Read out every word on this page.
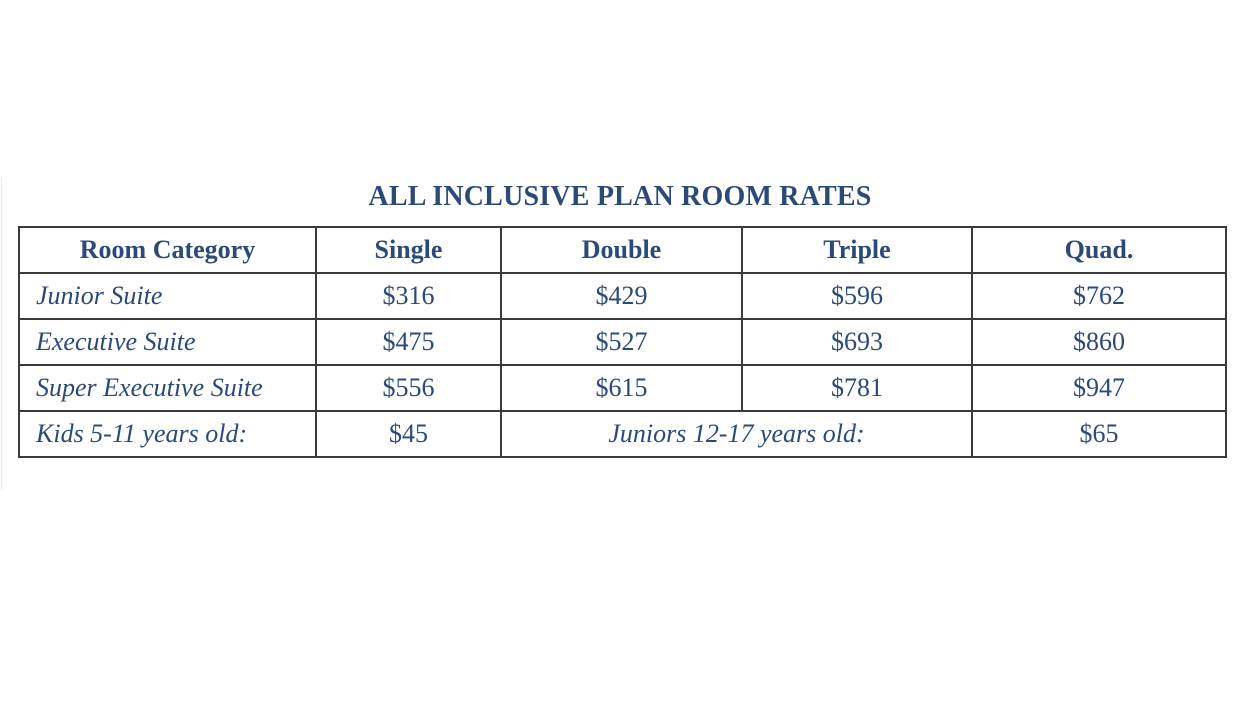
ALL INCLUSIVE PLAN ROOM RATES
Room Category	Single	Double	Triple	Quad.
Junior Suite	$316	$429	$596	$762
Executive Suite	$475	$527	$693	$860
Super Executive Suite	$556	$615	$781	$947
Kids 5-11 years old:	$45	Juniors 12-17 years old:		$65
